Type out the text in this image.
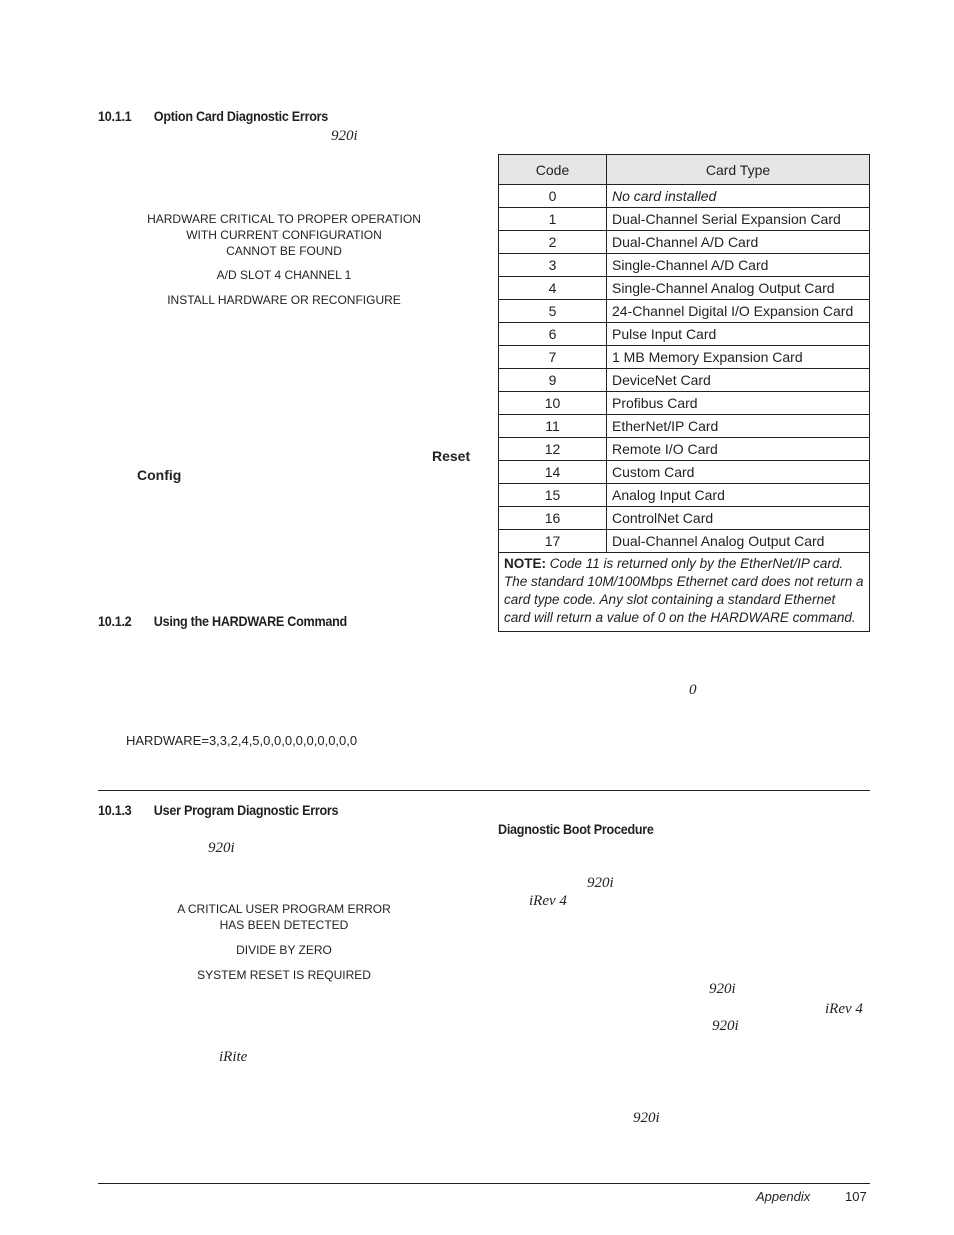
10.1.1 Option Card Diagnostic Errors
920i
HARDWARE CRITICAL TO PROPER OPERATION
WITH CURRENT CONFIGURATION
CANNOT BE FOUND
A/D SLOT 4 CHANNEL 1
INSTALL HARDWARE OR RECONFIGURE
Reset
Config
Code	Card Type
0	No card installed
1	Dual-Channel Serial Expansion Card
2	Dual-Channel A/D Card
3	Single-Channel A/D Card
4	Single-Channel Analog Output Card
5	24-Channel Digital I/O Expansion Card
6	Pulse Input Card
7	1 MB Memory Expansion Card
9	DeviceNet Card
10	Profibus Card
11	EtherNet/IP Card
12	Remote I/O Card
14	Custom Card
15	Analog Input Card
16	ControlNet Card
17	Dual-Channel Analog Output Card
NOTE: Code 11 is returned only by the EtherNet/IP card. The standard 10M/100Mbps Ethernet card does not return a card type code. Any slot containing a standard Ethernet card will return a value of 0 on the HARDWARE command.	
10.1.2 Using the HARDWARE Command
0
HARDWARE=3,3,2,4,5,0,0,0,0,0,0,0,0,0
10.1.3 User Program Diagnostic Errors
920i
A CRITICAL USER PROGRAM ERROR
HAS BEEN DETECTED
DIVIDE BY ZERO
SYSTEM RESET IS REQUIRED
iRite
Diagnostic Boot Procedure
920i
iRev 4
920i
iRev 4
920i
920i
Appendix	107
